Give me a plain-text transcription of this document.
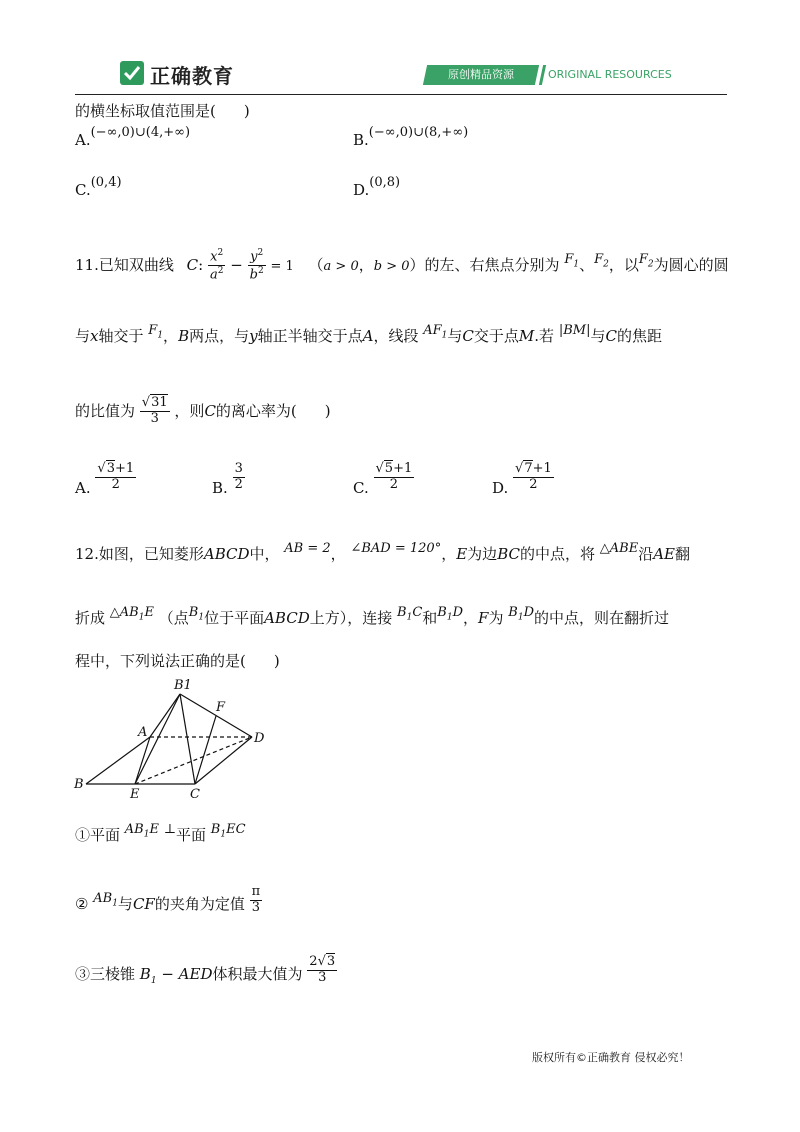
正确教育	原创精品资源	ORIGINAL RESOURCES
的横坐标取值范围是( )
A.(−∞,0)∪(4,+∞)	B.(−∞,0)∪(8,+∞)
C.(0,4)	D.(0,8)
11.已知双曲线 C: $\frac{x^2}{a^2} - \frac{y^2}{b^2} = 1$ （a > 0，b > 0）的左、右焦点分别为 $F_1$、$F_2$，以$F_2$为圆心的圆
与x轴交于 $F_1$，B两点，与y轴正半轴交于点A，线段 $AF_1$与C交于点M.若 |BM|与C的焦距
的比值为 $\frac{√31}{3}$ ，则C的离心率为( )
A. $\frac{√3+1}{2}$	B. $\frac{3}{2}$	C. $\frac{√5+1}{2}$	D. $\frac{√7+1}{2}$
12.如图，已知菱形ABCD中， AB = 2， ∠BAD = 120°，E为边BC的中点，将 △ABE沿AE翻
折成 $\triangle AB_1E$ （点$B_1$位于平面ABCD上方），连接 $B_1C$和$B_1D$，F为 $B_1D$的中点，则在翻折过
程中，下列说法正确的是( )
B1
F
A	D
B
E	C
①平面 $AB_1E$ ⊥平面 $B_1EC$
② $AB_1$与CF的夹角为定值 $\frac{\pi}{3}$
③三棱锥 $B_1$ − AED体积最大值为 $\frac{2√3}{3}$
版权所有©正确教育 侵权必究！
